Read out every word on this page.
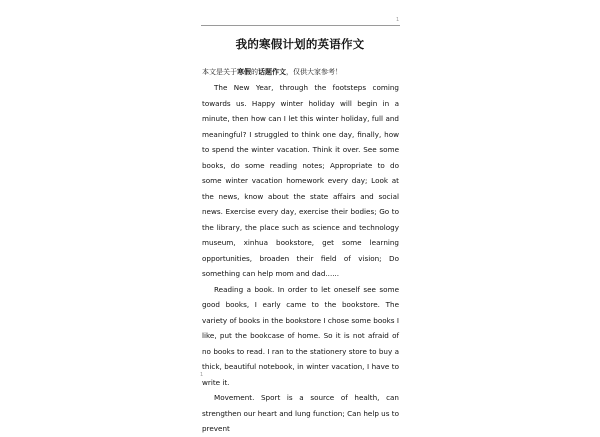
1
我的寒假计划的英语作文
本文是关于寒假的话题作文，仅供大家参考！

The New Year, through the footsteps coming towards us. Happy winter holiday will begin in a minute, then how can I let this winter holiday, full and meaningful? I struggled to think one day, finally, how to spend the winter vacation. Think it over. See some books, do some reading notes; Appropriate to do some winter vacation homework every day; Look at the news, know about the state affairs and social news. Exercise every day, exercise their bodies; Go to the library, the place such as science and technology museum, xinhua bookstore, get some learning opportunities, broaden their field of vision; Do something can help mom and dad......

Reading a book. In order to let oneself see some good books, I early came to the bookstore. The variety of books in the bookstore I chose some books I like, put the bookcase of home. So it is not afraid of no books to read. I ran to the stationery store to buy a thick, beautiful notebook, in winter vacation, I have to write it.

Movement. Sport is a source of health, can strengthen our heart and lung function; Can help us to prevent

1
